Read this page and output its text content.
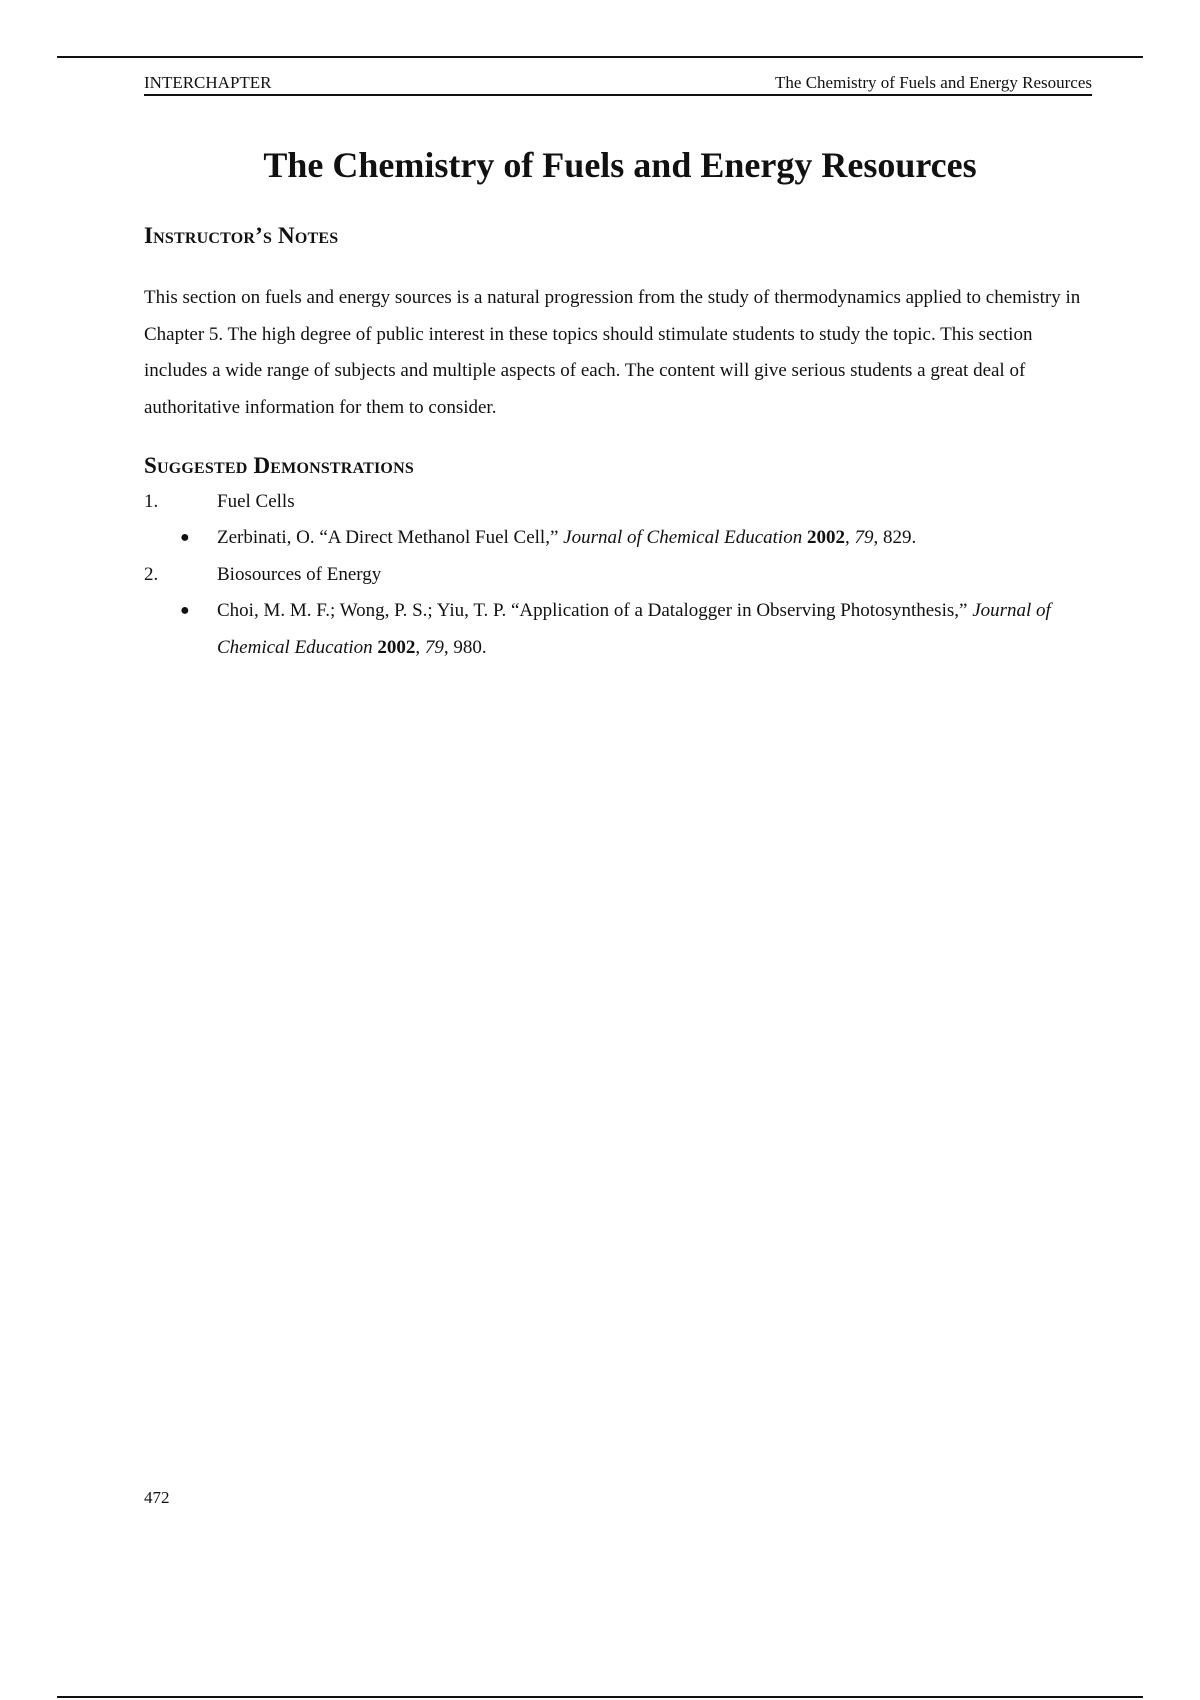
INTERCHAPTER	The Chemistry of Fuels and Energy Resources
The Chemistry of Fuels and Energy Resources
Instructor’s Notes

This section on fuels and energy sources is a natural progression from the study of thermodynamics applied to chemistry in Chapter 5. The high degree of public interest in these topics should stimulate students to study the topic. This section includes a wide range of subjects and multiple aspects of each. The content will give serious students a great deal of authoritative information for them to consider.

Suggested Demonstrations
1.	Fuel Cells
● Zerbinati, O. “A Direct Methanol Fuel Cell,” Journal of Chemical Education 2002, 79, 829.
2.	Biosources of Energy
● Choi, M. M. F.; Wong, P. S.; Yiu, T. P. “Application of a Datalogger in Observing Photosynthesis,” Journal of Chemical Education 2002, 79, 980.
472
